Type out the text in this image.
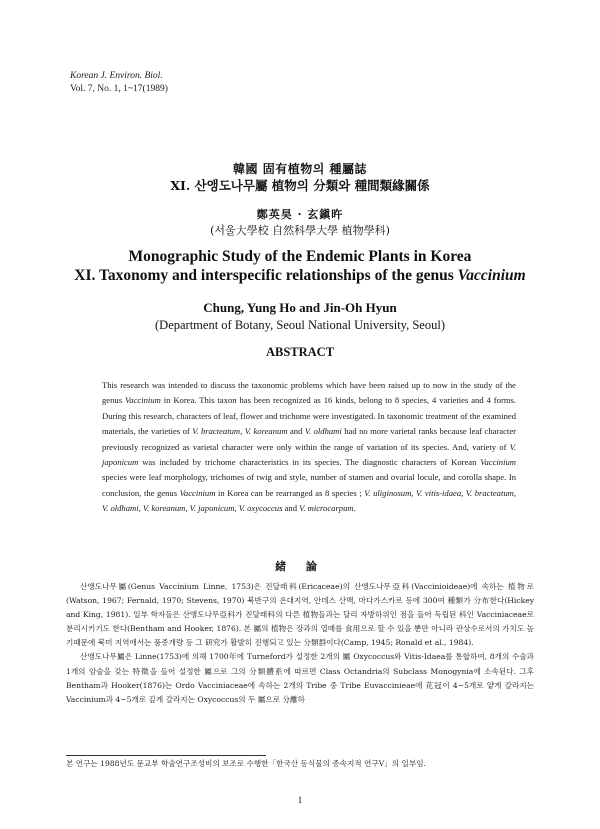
Korean J. Environ. Biol.
Vol. 7, No. 1, 1~17(1989)
韓國 固有植物의 種屬誌
XI. 산앵도나무屬 植物의 分類와 種間類緣關係
鄭英昊 · 玄鎭旿
(서울大學校 自然科學大學 植物學科)
Monographic Study of the Endemic Plants in Korea
XI. Taxonomy and interspecific relationships of the genus Vaccinium
Chung, Yung Ho and Jin-Oh Hyun
(Department of Botany, Seoul National University, Seoul)
ABSTRACT
This research was intended to discuss the taxonomic problems which have been raised up to now in the study of the genus Vaccinium in Korea. This taxon has been recognized as 16 kinds, belong to 8 species, 4 varieties and 4 forms. During this research, characters of leaf, flower and trichome were investigated. In taxonomic treatment of the examined materials, the varieties of V. bracteatum, V. koreanum and V. oldhami had no more varietal ranks because leaf character previously recognized as varietal character were only within the range of variation of its species. And, variety of V. japonicum was included by trichome characteristics in its species. The diagnostic characters of Korean Vaccinium species were leaf morphology, trichomes of twig and style, number of stamen and ovarial locule, and corolla shape. In conclusion, the genus Vaccinium in Korea can be rearranged as 8 species ; V. uliginosum, V. vitis-idaea, V. bracteatum, V. oldhami, V. koreanum, V. japonicum, V. oxycoccus and V. microcarpum.
緒 論

산앵도나무屬(Genus Vaccinium Linne, 1753)은 진달래科(Ericaceae)의 산앵도나무亞科(Vaccinioideae)에 속하는 植物로(Watson, 1967; Fernald, 1970; Stevens, 1970) 북반구의 온대지역, 안데스 산맥, 마다가스카르 등에 300여 種類가 分布한다(Hickey and King, 1981). 일부 학자들은 산앵도나무亞科가 진달래科의 다른 植物들과는 달리 자방하위인 점을 들어 독립된 科인 Vacciniaceae로 분리시키기도 한다(Bentham and Hooker, 1876). 본 屬의 植物은 장과의 열매를 食用으로 할 수 있을 뿐만 아니라 관상수로서의 가치도 높기때문에 북미 지역에서는 품종개량 등 그 研究가 활발히 진행되고 있는 分類群이다(Camp, 1945; Ronald et al., 1984).

산앵도나무屬은 Linne(1753)에 의해 1700年에 Turneford가 설정한 2개의 屬 Oxycoccus와 Vitis-Idaea를 통합하여, 8개의 수술과 1개의 암술을 갖는 特徵을 들어 설정한 屬으로 그의 分類體系에 따르면 Class Octandria의 Subclass Monogynia에 소속된다. 그후 Bentham과 Hooker(1876)는 Ordo Vacciniaceae에 속하는 2개의 Tribe 중 Tribe Euvaccinieae에 花冠이 4~5개로 얕게 갈라지는 Vaccinium과 4~5개로 깊게 갈라지는 Oxycoccus의 두 屬으로 分離하

본 연구는 1988년도 문교부 학술연구조성비의 보조로 수행한「한국산 동식물의 종속지적 연구Ⅴ」의 일부임.
1
